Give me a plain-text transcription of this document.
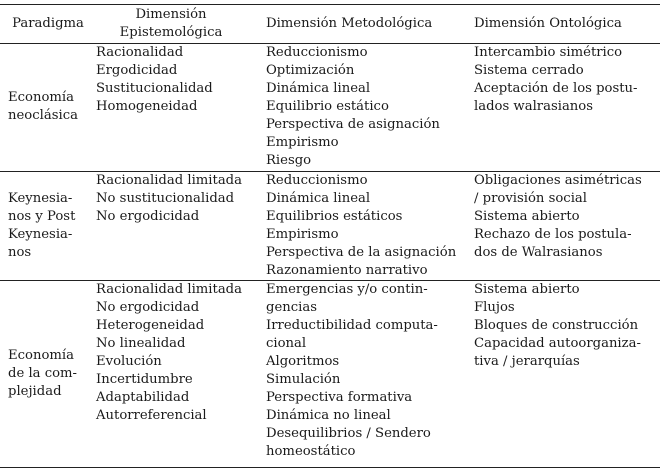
Paradigma
Dimensión
Epistemológica
Dimensión Metodológica	Dimensión Ontológica
Economía
neoclásica
Racionalidad
Ergodicidad
Sustitucionalidad
Homogeneidad
Reduccionismo
Optimización
Dinámica lineal
Equilibrio estático
Perspectiva de asignación
Empirismo
Riesgo
Intercambio simétrico
Sistema cerrado
Aceptación de los postu-
lados walrasianos
Keynesia-
nos y Post
Keynesia-
nos
Racionalidad limitada
No sustitucionalidad
No ergodicidad
Reduccionismo
Dinámica lineal
Equilibrios estáticos
Empirismo
Perspectiva de la asignación
Razonamiento narrativo
Obligaciones asimétricas
/ provisión social
Sistema abierto
Rechazo de los postula-
dos de Walrasianos
Economía
de la com-
plejidad
Racionalidad limitada
No ergodicidad
Heterogeneidad
No linealidad
Evolución
Incertidumbre
Adaptabilidad
Autorreferencial
Emergencias y/o contin-
gencias
Irreductibilidad computa-
cional
Algoritmos
Simulación
Perspectiva formativa
Dinámica no lineal
Desequilibrios / Sendero
homeostático
Sistema abierto
Flujos
Bloques de construcción
Capacidad autoorganiza-
tiva / jerarquías
